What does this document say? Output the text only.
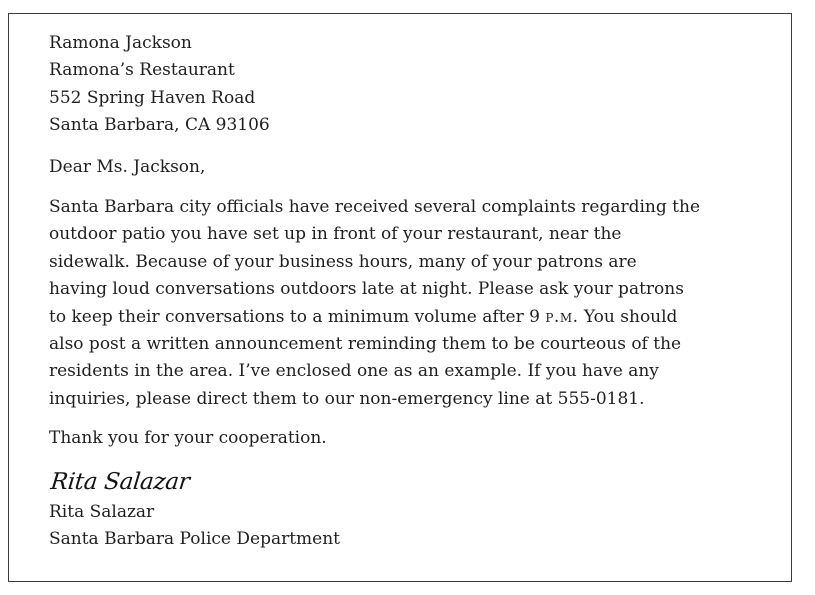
Ramona Jackson
Ramona’s Restaurant
552 Spring Haven Road
Santa Barbara, CA 93106
Dear Ms. Jackson,
Santa Barbara city officials have received several complaints regarding the
outdoor patio you have set up in front of your restaurant, near the
sidewalk. Because of your business hours, many of your patrons are
having loud conversations outdoors late at night. Please ask your patrons
to keep their conversations to a minimum volume after 9 p.m. You should
also post a written announcement reminding them to be courteous of the
residents in the area. I’ve enclosed one as an example. If you have any
inquiries, please direct them to our non-emergency line at 555-0181.
Thank you for your cooperation.
Rita Salazar
Rita Salazar
Santa Barbara Police Department
